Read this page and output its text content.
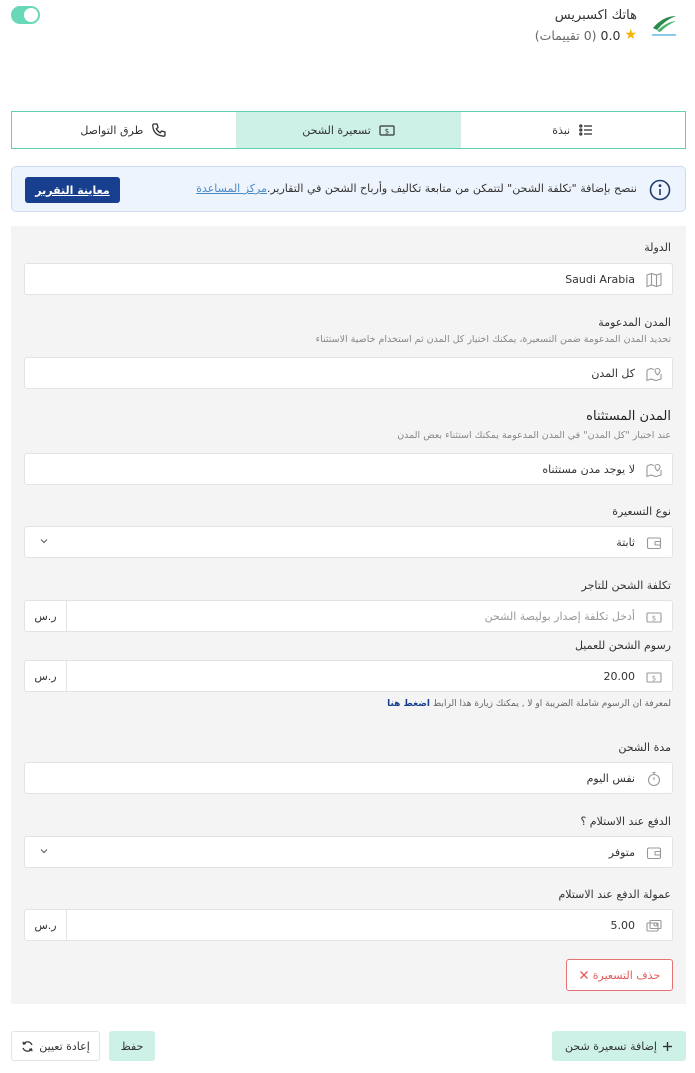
هاتك اكسبريس
★
0.0
(0 تقييمات)
نبذة
$
تسعيرة الشحن
طرق التواصل
ننصح بإضافة "تكلفة الشحن" لتتمكن من متابعة تكاليف وأرباح الشحن في التقارير.
مركز المساعدة
معاينة التقرير
الدولة
Saudi Arabia
المدن المدعومة
تحديد المدن المدعومة ضمن التسعيرة، يمكنك اختيار كل المدن ثم استخدام خاصية الاستثناء
كل المدن
المدن المستثناه
عند اختيار "كل المدن" في المدن المدعومة يمكنك استثناء بعض المدن
لا يوجد مدن مستثناه
نوع التسعيرة
ثابتة
تكلفة الشحن للتاجر
$
أدخل تكلفة إصدار بوليصة الشحن
ر.س
رسوم الشحن للعميل
$
20.00
ر.س
لمعرفة ان الرسوم شاملة الضريبة او لا , يمكنك زيارة هذا الرابط اضغط هنا
مدة الشحن
نفس اليوم
الدفع عند الاستلام ؟
متوفر
عمولة الدفع عند الاستلام
5.00
ر.س
حذف التسعيرة
إضافة تسعيرة شحن
حفظ
إعادة تعيين
